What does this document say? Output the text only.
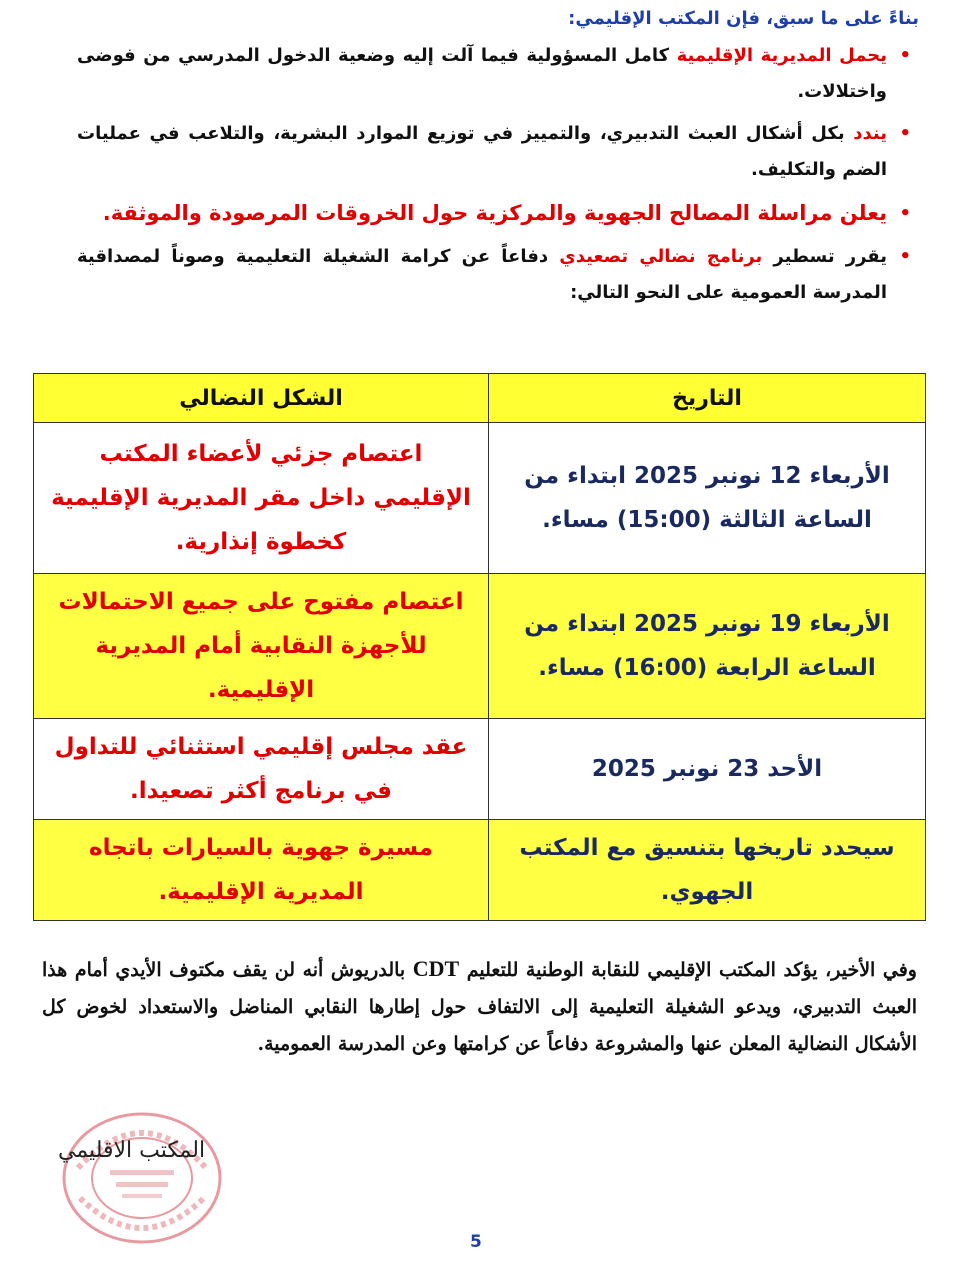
بناءً على ما سبق، فإن المكتب الإقليمي:
•
يحمل المديرية الإقليمية كامل المسؤولية فيما آلت إليه وضعية الدخول المدرسي من فوضى واختلالات.
•
يندد بكل أشكال العبث التدبيري، والتمييز في توزيع الموارد البشرية، والتلاعب في عمليات الضم والتكليف.
•
يعلن مراسلة المصالح الجهوية والمركزية حول الخروقات المرصودة والموثقة.
•
يقرر تسطير برنامج نضالي تصعيدي دفاعاً عن كرامة الشغيلة التعليمية وصوناً لمصداقية المدرسة العمومية على النحو التالي:
التاريخ	الشكل النضالي
الأربعاء 12 نونبر 2025 ابتداء من الساعة الثالثة (15:00) مساء.	اعتصام جزئي لأعضاء المكتب الإقليمي داخل مقر المديرية الإقليمية كخطوة إنذارية.
الأربعاء 19 نونبر 2025 ابتداء من الساعة الرابعة (16:00) مساء.	اعتصام مفتوح على جميع الاحتمالات للأجهزة النقابية أمام المديرية الإقليمية.
الأحد 23 نونبر 2025	عقد مجلس إقليمي استثنائي للتداول في برنامج أكثر تصعيدا.
سيحدد تاريخها بتنسيق مع المكتب الجهوي.	مسيرة جهوية بالسيارات باتجاه المديرية الإقليمية.
وفي الأخير، يؤكد المكتب الإقليمي للنقابة الوطنية للتعليم CDT بالدريوش أنه لن يقف مكتوف الأيدي أمام هذا العبث التدبيري، ويدعو الشغيلة التعليمية إلى الالتفاف حول إطارها النقابي المناضل والاستعداد لخوض كل الأشكال النضالية المعلن عنها والمشروعة دفاعاً عن كرامتها وعن المدرسة العمومية.
المكتب الاقليمي
5
